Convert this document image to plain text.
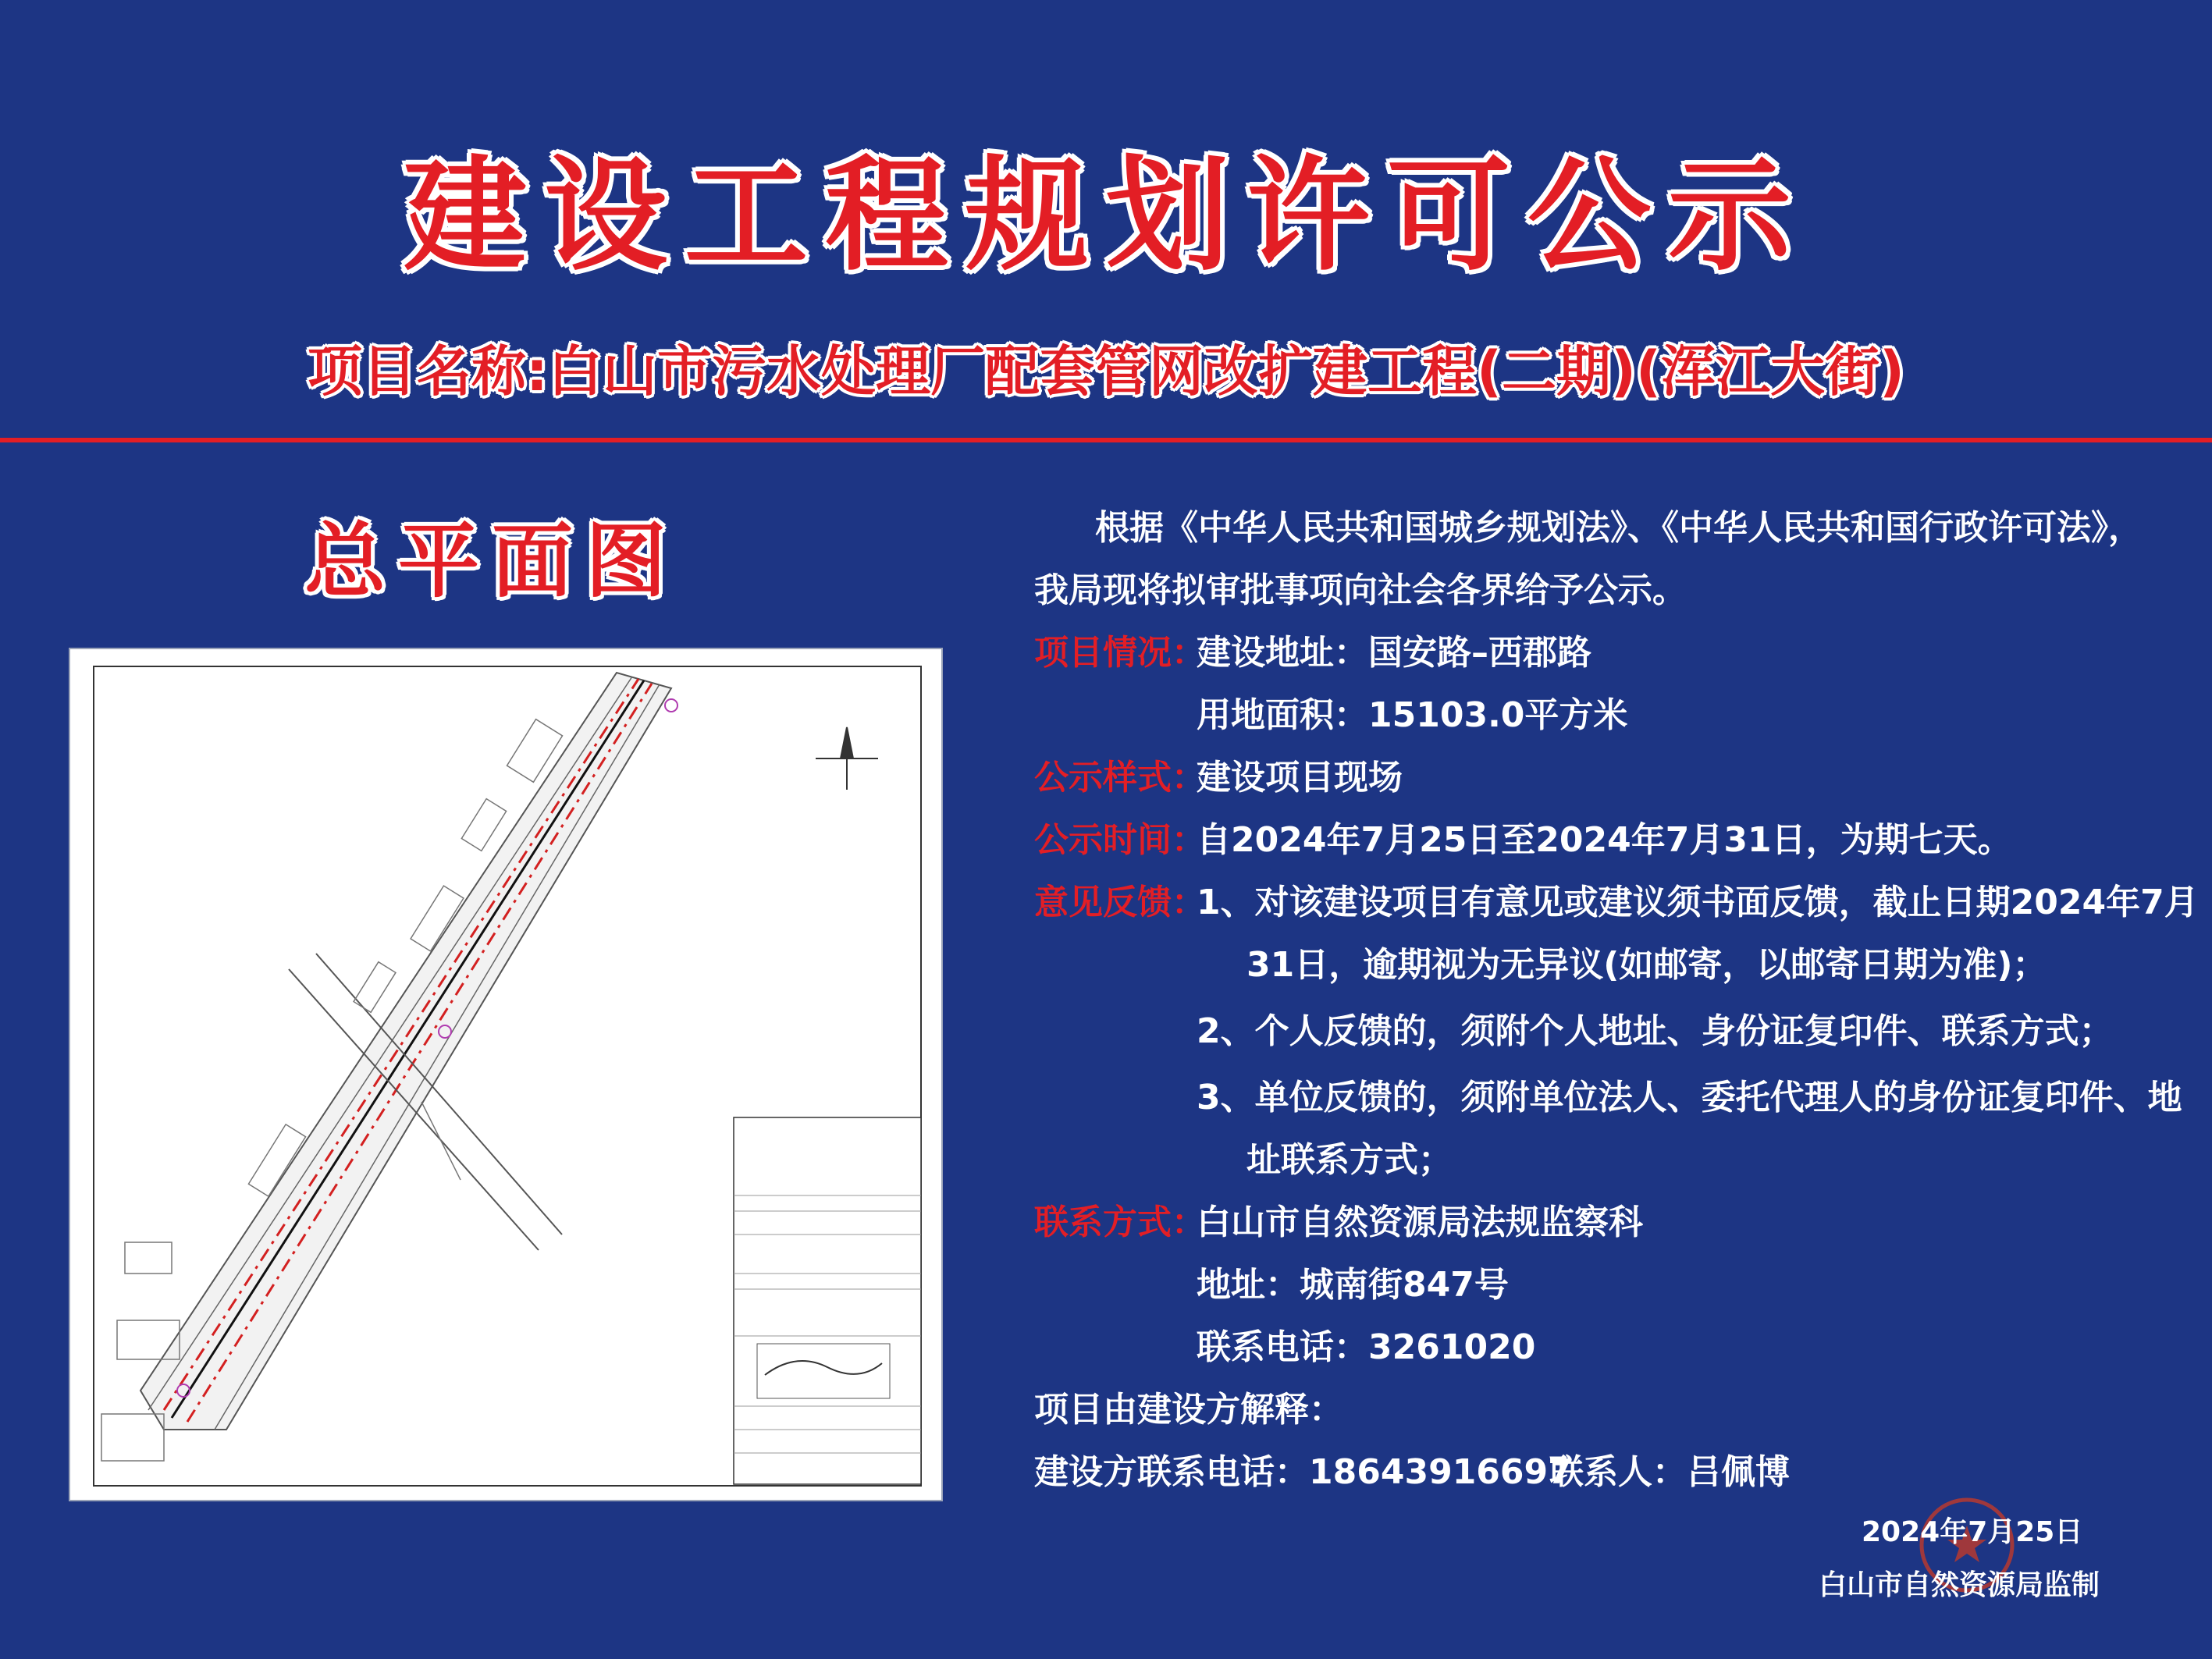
建设工程规划许可公示
项目名称:白山市污水处理厂配套管网改扩建工程(二期)(浑江大街)
总平面图	根据《中华人民共和国城乡规划法》、《中华人民共和国行政许可法》，
我局现将拟审批事项向社会各界给予公示。
项目情况：
建设地址：国安路–西郡路
用地面积：15103.0平方米
公示样式：
建设项目现场
公示时间：
自2024年7月25日至2024年7月31日，为期七天。
意见反馈：
1、对该建设项目有意见或建议须书面反馈，截止日期2024年7月
31日，逾期视为无异议(如邮寄，以邮寄日期为准)；
2、个人反馈的，须附个人地址、身份证复印件、联系方式；
3、单位反馈的，须附单位法人、委托代理人的身份证复印件、地
址联系方式；
联系方式：
白山市自然资源局法规监察科
地址：城南街847号
联系电话：3261020
项目由建设方解释：
建设方联系电话：18643916697
联系人：吕佩博
2024年7月25日
白山市自然资源局监制
